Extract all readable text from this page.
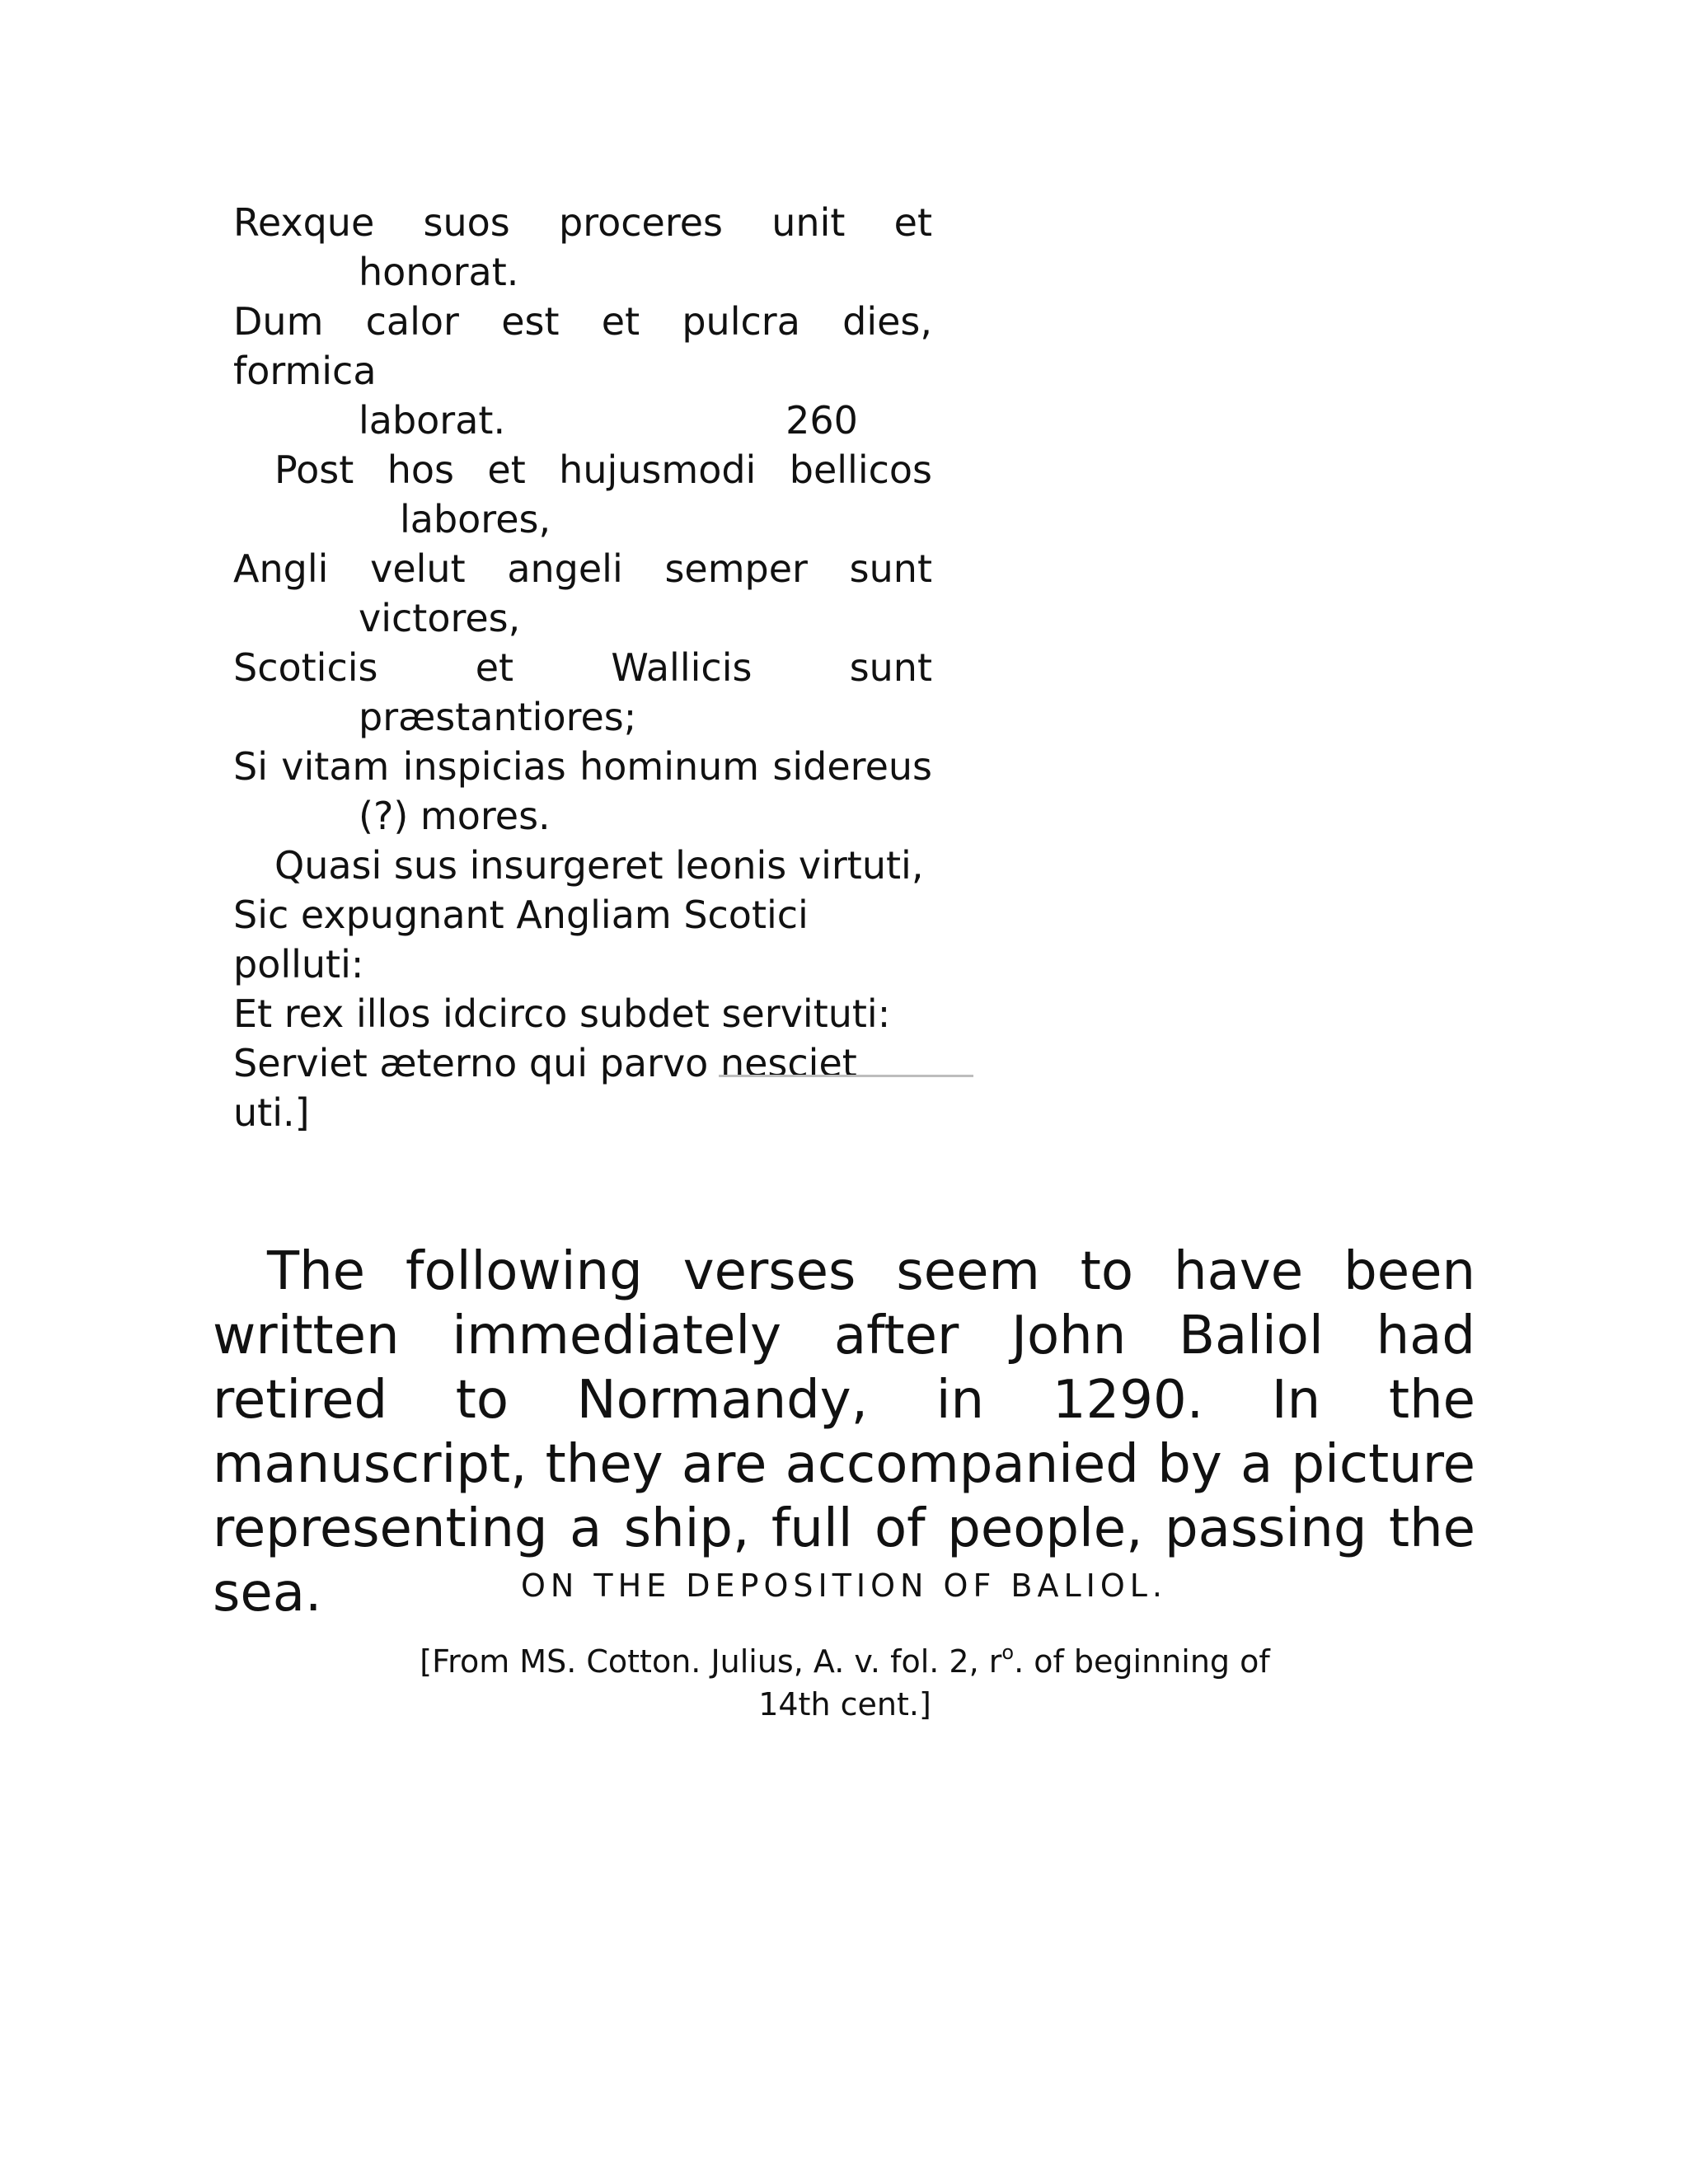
Rexque suos proceres unit et
honorat.
Dum calor est et pulcra dies, formica
laborat.	260
Post hos et hujusmodi bellicos
labores,
Angli velut angeli semper sunt
victores,
Scoticis et Wallicis sunt
præstantiores;
Si vitam inspicias hominum sidereus
(?) mores.
Quasi sus insurgeret leonis virtuti,
Sic expugnant Angliam Scotici polluti:
Et rex illos idcirco subdet servituti:
Serviet æterno qui parvo nesciet uti.]

The following verses seem to have been written immediately after John Baliol had retired to Normandy, in 1290. In the manuscript, they are accompanied by a picture representing a ship, full of people, passing the sea.	ON THE DEPOSITION OF BALIOL.
[From MS. Cotton. Julius, A. v. fol. 2, $r^o$. of beginning of 14th cent.]
